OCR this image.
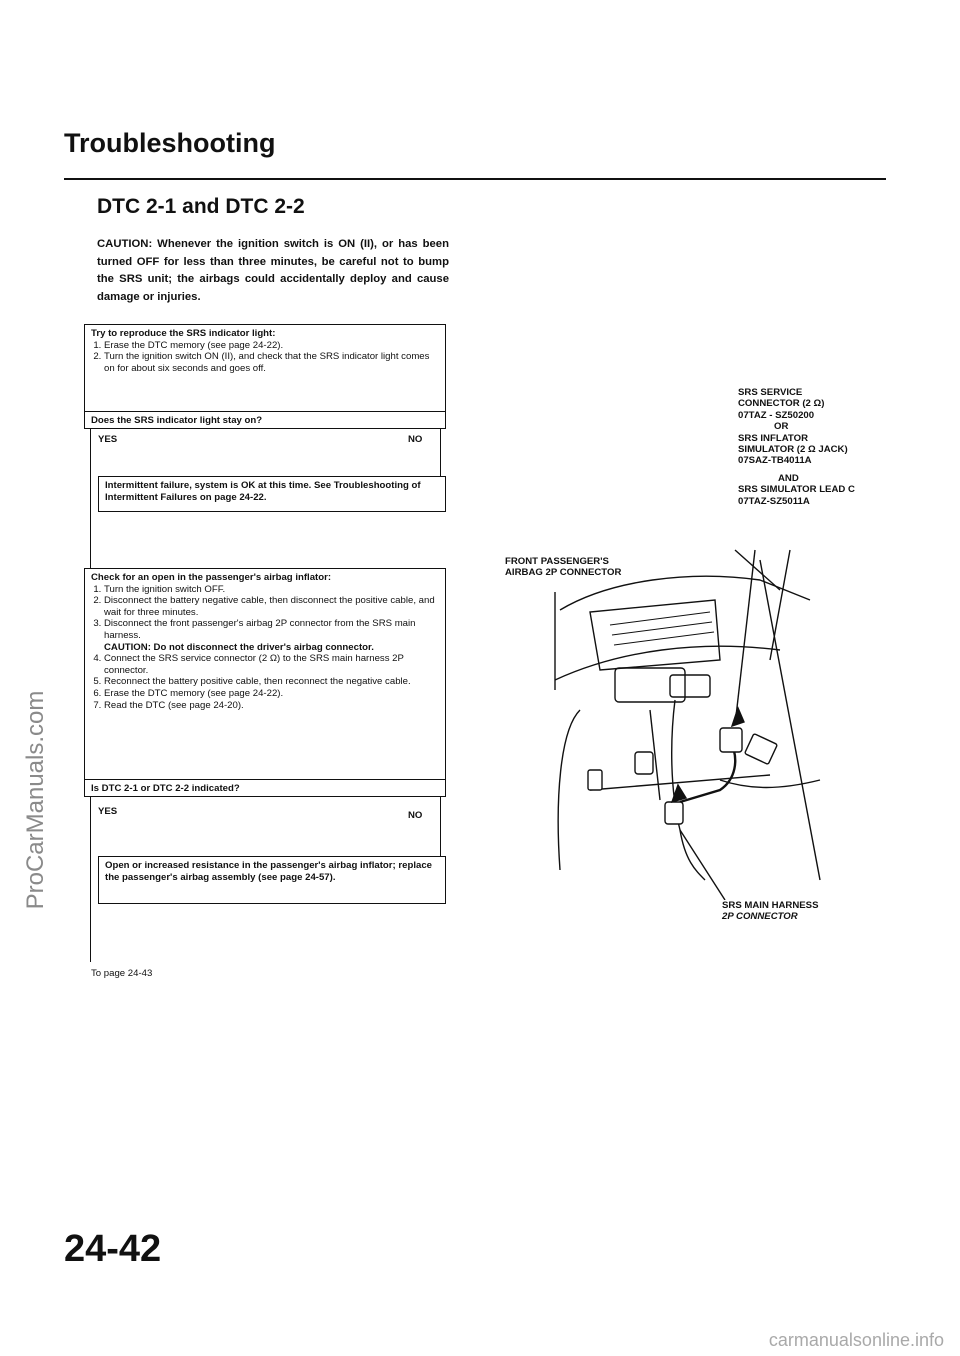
ProCarManuals.com
Troubleshooting
DTC 2-1 and DTC 2-2
CAUTION: Whenever the ignition switch is ON (II), or has been turned OFF for less than three minutes, be careful not to bump the SRS unit; the airbags could accidentally deploy and cause damage or injuries.
Try to reproduce the SRS indicator light:
1. Erase the DTC memory (see page 24-22).
2. Turn the ignition switch ON (II), and check that the SRS indicator light comes on for about six seconds and goes off.
Does the SRS indicator light stay on?
YES	NO
Intermittent failure, system is OK at this time. See Troubleshooting of Intermittent Failures on page 24-22.
Check for an open in the passenger's airbag inflator:
1. Turn the ignition switch OFF.
2. Disconnect the battery negative cable, then disconnect the positive cable, and wait for three minutes.
3. Disconnect the front passenger's airbag 2P connector from the SRS main harness.
CAUTION: Do not disconnect the driver's airbag connector.
4. Connect the SRS service connector (2 Ω) to the SRS main harness 2P connector.
5. Reconnect the battery positive cable, then reconnect the negative cable.
6. Erase the DTC memory (see page 24-22).
7. Read the DTC (see page 24-20).
Is DTC 2-1 or DTC 2-2 indicated?
YES	NO
Open or increased resistance in the passenger's airbag inflator; replace the passenger's airbag assembly (see page 24-57).
To page 24-43
SRS SERVICE
CONNECTOR (2 Ω)
07TAZ - SZ50200
OR
SRS INFLATOR
SIMULATOR (2 Ω JACK)
07SAZ-TB4011A
AND
SRS SIMULATOR LEAD C
07TAZ-SZ5011A
FRONT PASSENGER'S
AIRBAG 2P CONNECTOR
SRS MAIN HARNESS
2P CONNECTOR
24-42
carmanualsonline.info
